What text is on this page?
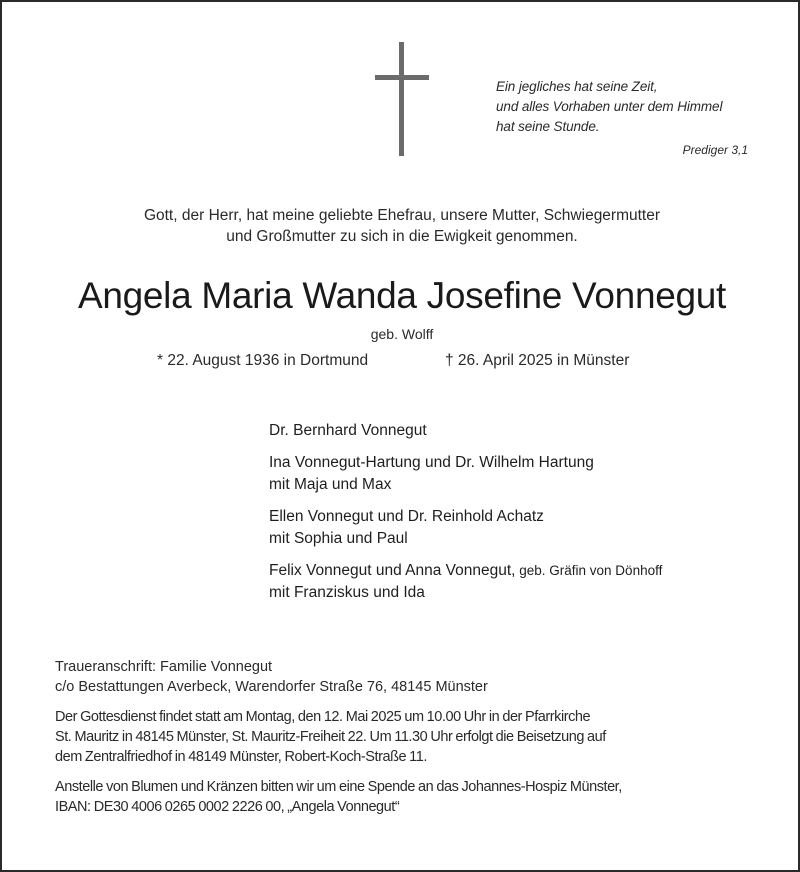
Ein jegliches hat seine Zeit,
und alles Vorhaben unter dem Himmel
hat seine Stunde.
Prediger 3,1
Gott, der Herr, hat meine geliebte Ehefrau, unsere Mutter, Schwiegermutter
und Großmutter zu sich in die Ewigkeit genommen.
Angela Maria Wanda Josefine Vonnegut
geb. Wolff
* 22. August 1936 in Dortmund	† 26. April 2025 in Münster
Dr. Bernhard Vonnegut
Ina Vonnegut-Hartung und Dr. Wilhelm Hartung
mit Maja und Max
Ellen Vonnegut und Dr. Reinhold Achatz
mit Sophia und Paul
Felix Vonnegut und Anna Vonnegut, geb. Gräfin von Dönhoff
mit Franziskus und Ida
Traueranschrift: Familie Vonnegut
c/o Bestattungen Averbeck, Warendorfer Straße 76, 48145 Münster
Der Gottesdienst findet statt am Montag, den 12. Mai 2025 um 10.00 Uhr in der Pfarrkirche
St. Mauritz in 48145 Münster, St. Mauritz-Freiheit 22. Um 11.30 Uhr erfolgt die Beisetzung auf
dem Zentralfriedhof in 48149 Münster, Robert-Koch-Straße 11.
Anstelle von Blumen und Kränzen bitten wir um eine Spende an das Johannes-Hospiz Münster,
IBAN: DE30 4006 0265 0002 2226 00, „Angela Vonnegut“
